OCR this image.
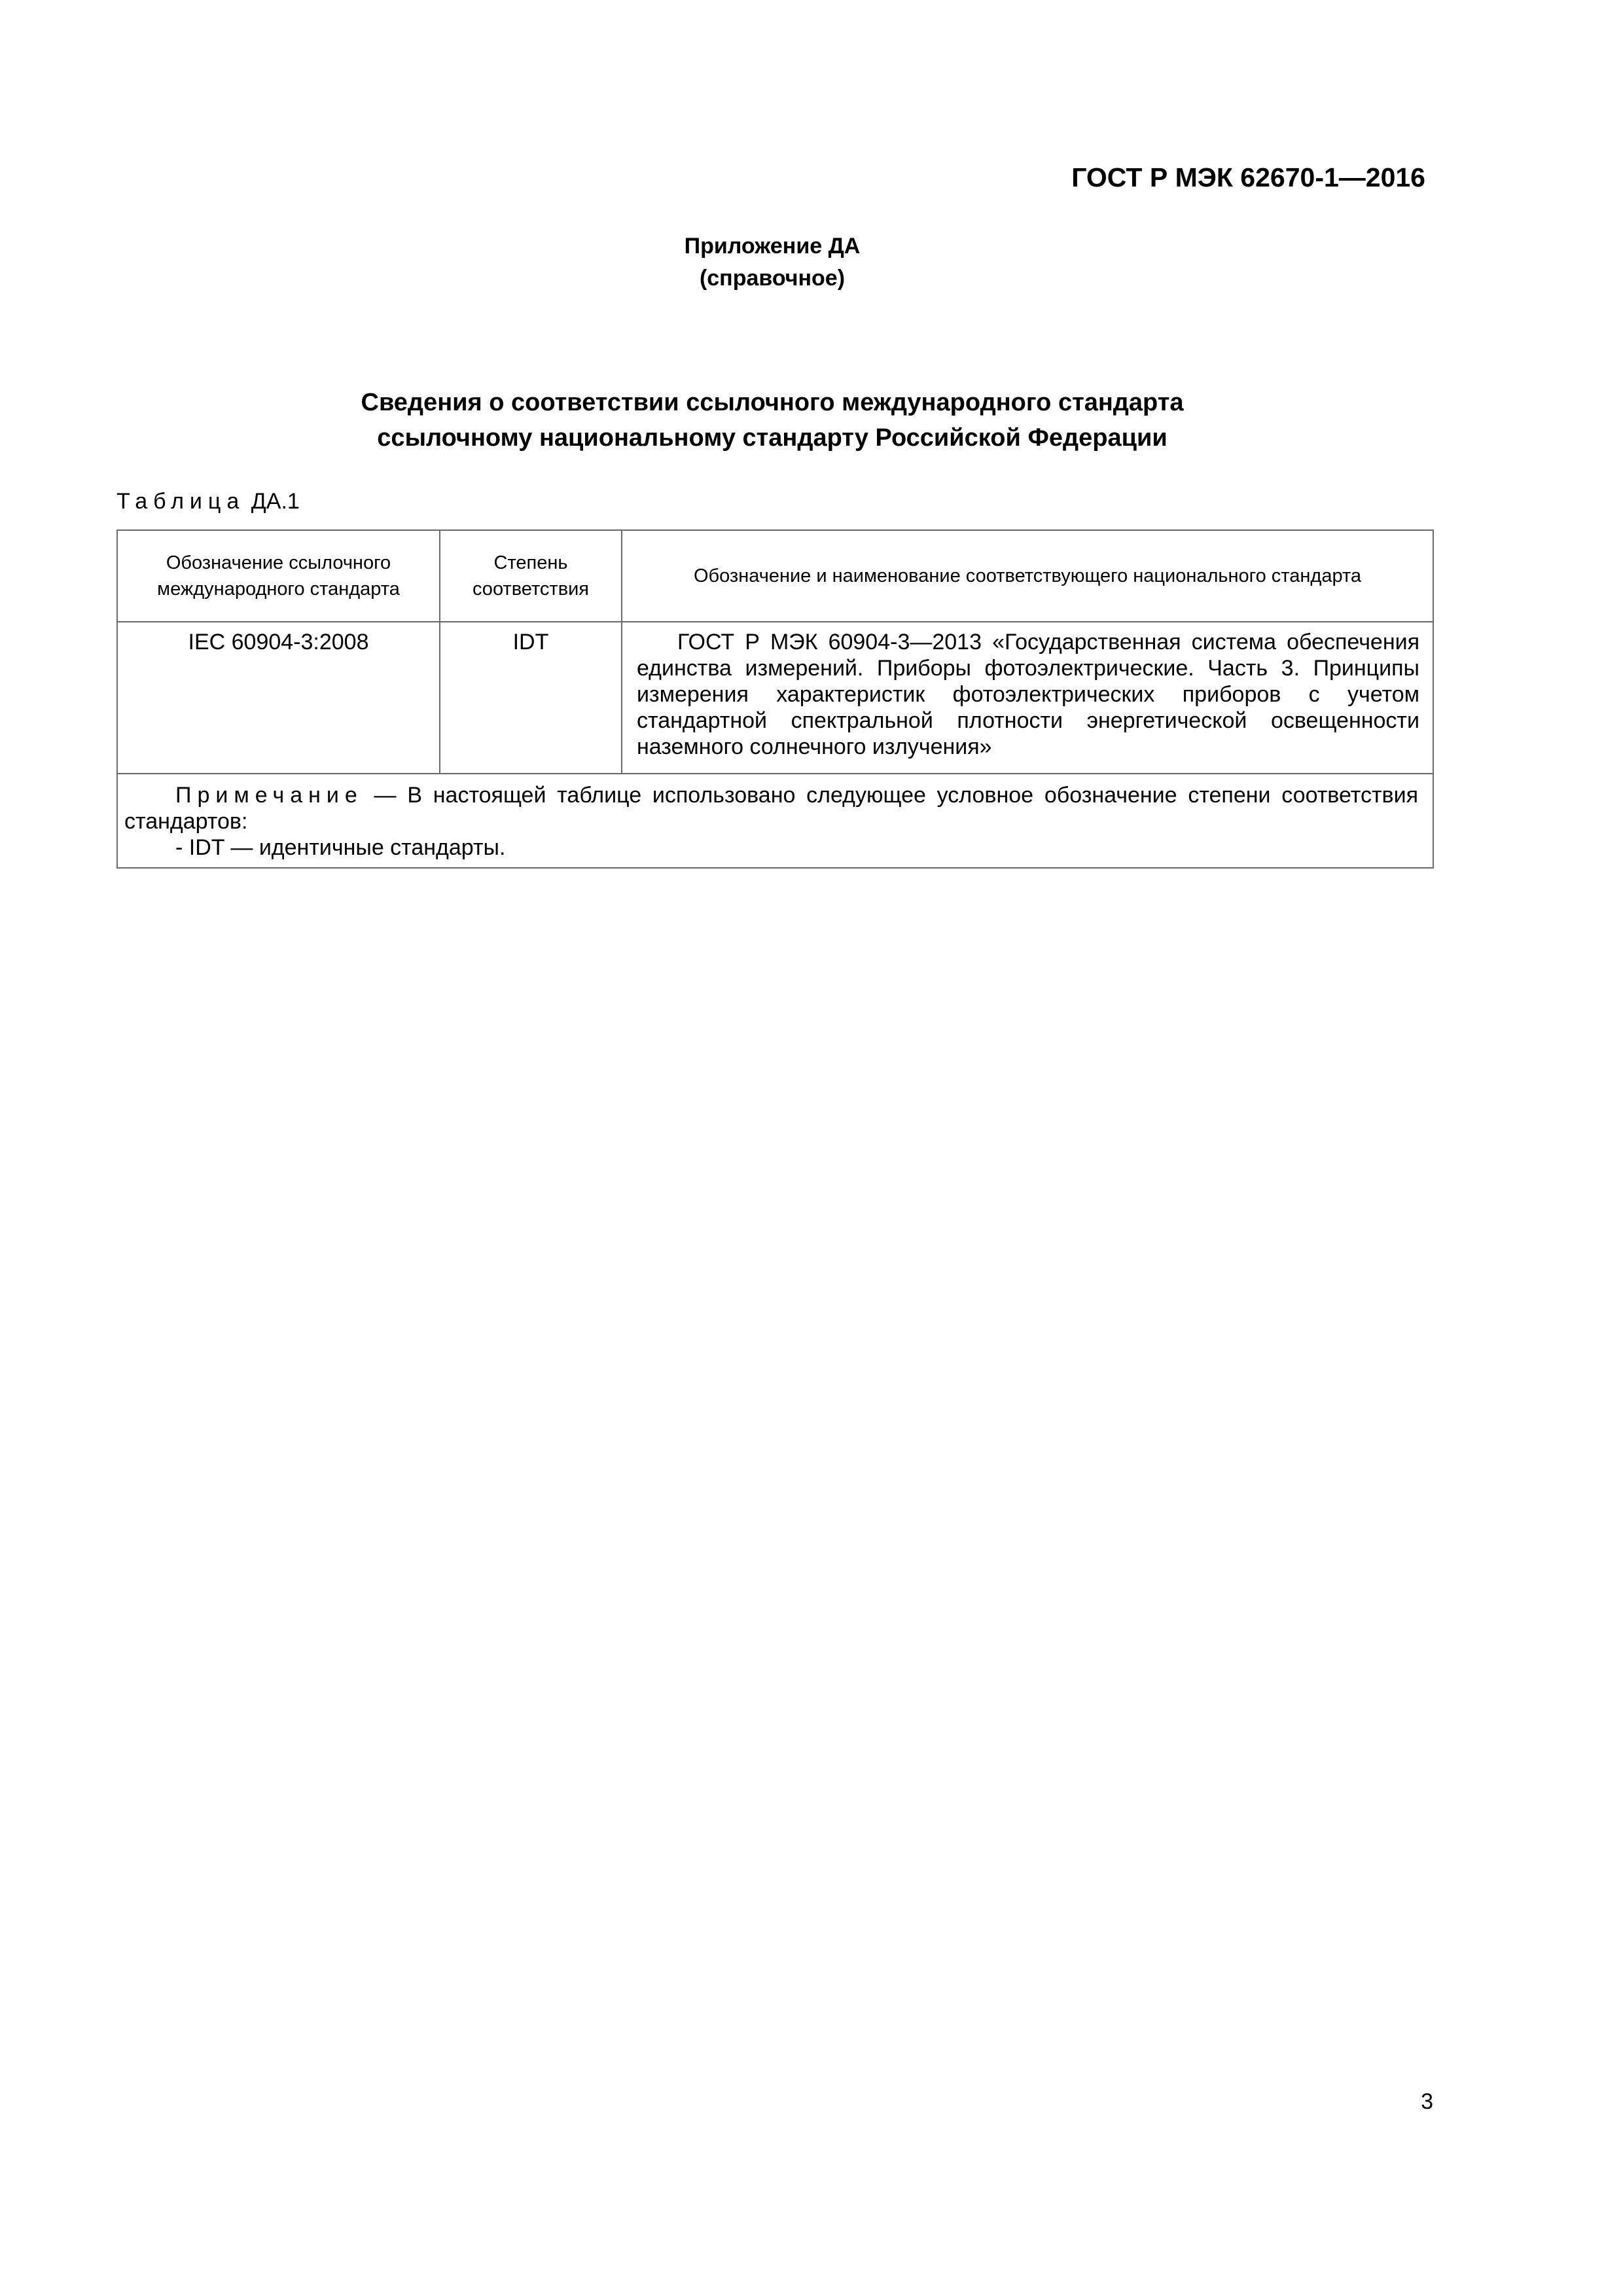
ГОСТ Р МЭК 62670-1—2016
Приложение ДА
(справочное)
Сведения о соответствии ссылочного международного стандарта
ссылочному национальному стандарту Российской Федерации
Таблица ДА.1
Обозначение ссылочного международного стандарта	Степень соответствия	Обозначение и наименование соответствующего национального стандарта
IEC 60904-3:2008	IDT	ГОСТ Р МЭК 60904-3—2013 «Государственная система обеспечения единства измерений. Приборы фотоэлектрические. Часть 3. Принципы измерения характеристик фотоэлектрических приборов с учетом стандартной спектральной плотности энергетической освещенности наземного солнечного излучения»

Примечание — В настоящей таблице использовано следующее условное обозначение степени соответствия стандартов:
- IDT — идентичные стандарты.		
3
